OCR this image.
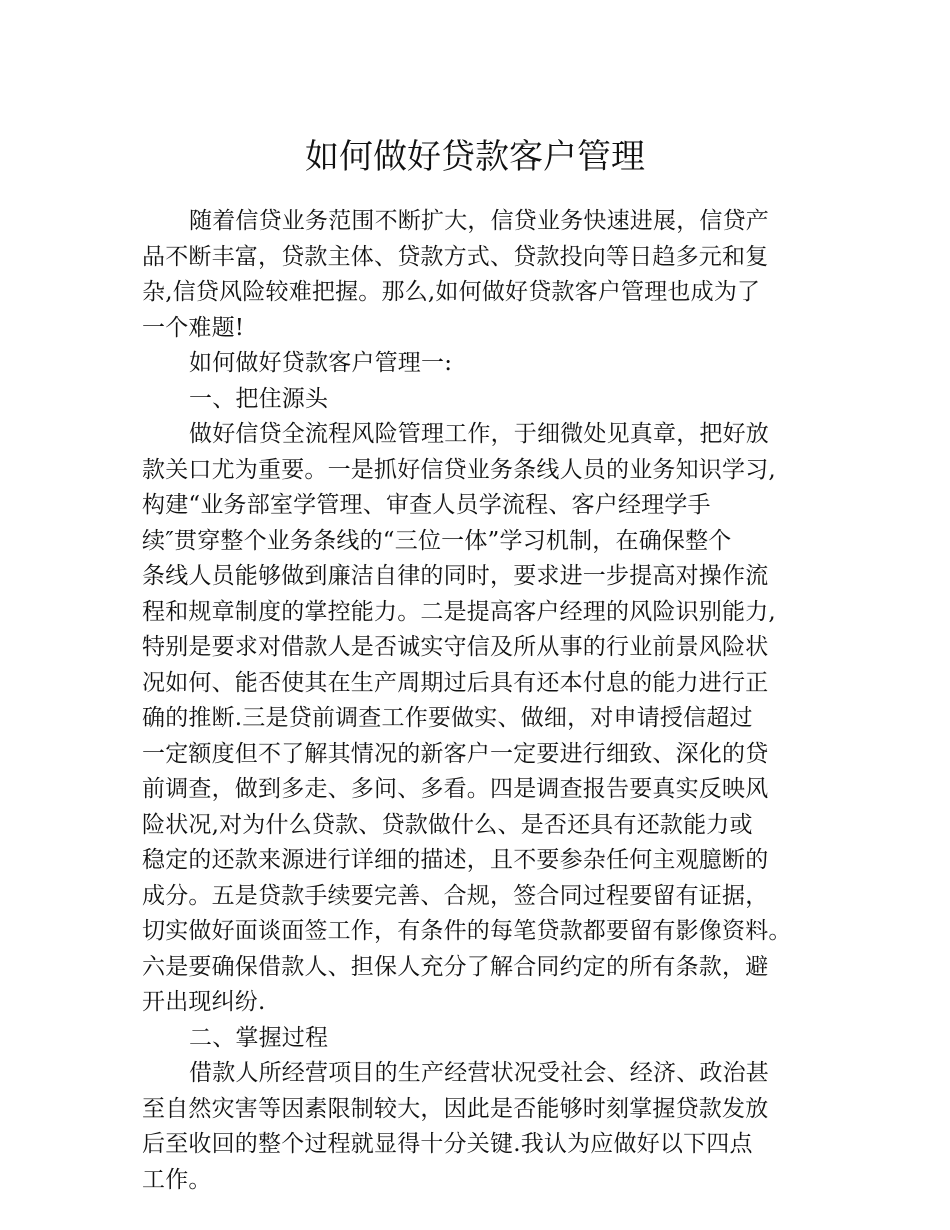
如何做好贷款客户管理
随着信贷业务范围不断扩大，信贷业务快速进展，信贷产
品不断丰富，贷款主体、贷款方式、贷款投向等日趋多元和复
杂,信贷风险较难把握。那么,如何做好贷款客户管理也成为了
一个难题!
如何做好贷款客户管理一:
一、把住源头
做好信贷全流程风险管理工作，于细微处见真章，把好放
款关口尤为重要。一是抓好信贷业务条线人员的业务知识学习,
构建“业务部室学管理、审查人员学流程、客户经理学手
续″贯穿整个业务条线的“三位一体”学习机制，在确保整个
条线人员能够做到廉洁自律的同时，要求进一步提高对操作流
程和规章制度的掌控能力。二是提高客户经理的风险识别能力,
特别是要求对借款人是否诚实守信及所从事的行业前景风险状
况如何、能否使其在生产周期过后具有还本付息的能力进行正
确的推断.三是贷前调查工作要做实、做细，对申请授信超过
一定额度但不了解其情况的新客户一定要进行细致、深化的贷
前调查，做到多走、多问、多看。四是调查报告要真实反映风
险状况,对为什么贷款、贷款做什么、是否还具有还款能力或
稳定的还款来源进行详细的描述，且不要参杂任何主观臆断的
成分。五是贷款手续要完善、合规，签合同过程要留有证据，
切实做好面谈面签工作，有条件的每笔贷款都要留有影像资料。
六是要确保借款人、担保人充分了解合同约定的所有条款，避
开出现纠纷.
二、掌握过程
借款人所经营项目的生产经营状况受社会、经济、政治甚
至自然灾害等因素限制较大，因此是否能够时刻掌握贷款发放
后至收回的整个过程就显得十分关键.我认为应做好以下四点
工作。
